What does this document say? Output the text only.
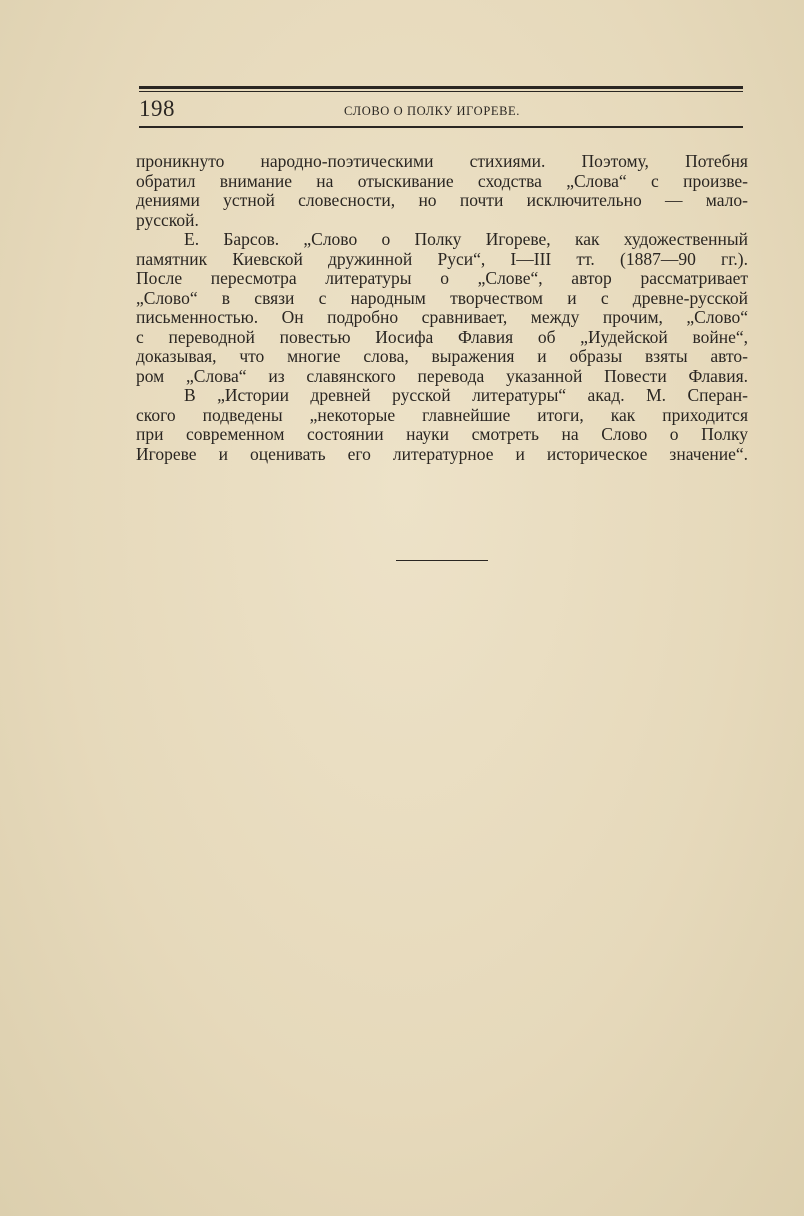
198	СЛОВО О ПОЛКУ ИГОРЕВЕ.
проникнуто народно-поэтическими стихиями. Поэтому, Потебня
обратил внимание на отыскивание сходства „Слова“ с произве-
дениями устной словесности, но почти исключительно — мало-
русской.
Е. Барсов. „Слово о Полку Игореве, как художественный
памятник Киевской дружинной Руси“, I—III тт. (1887—90 гг.).
После пересмотра литературы о „Слове“, автор рассматривает
„Слово“ в связи с народным творчеством и с древне-русской
письменностью. Он подробно сравнивает, между прочим, „Слово“
с переводной повестью Иосифа Флавия об „Иудейской войне“,
доказывая, что многие слова, выражения и образы взяты авто-
ром „Слова“ из славянского перевода указанной Повести Флавия.
В „Истории древней русской литературы“ акад. М. Сперан-
ского подведены „некоторые главнейшие итоги, как приходится
при современном состоянии науки смотреть на Слово о Полку
Игореве и оценивать его литературное и историческое значение“.
